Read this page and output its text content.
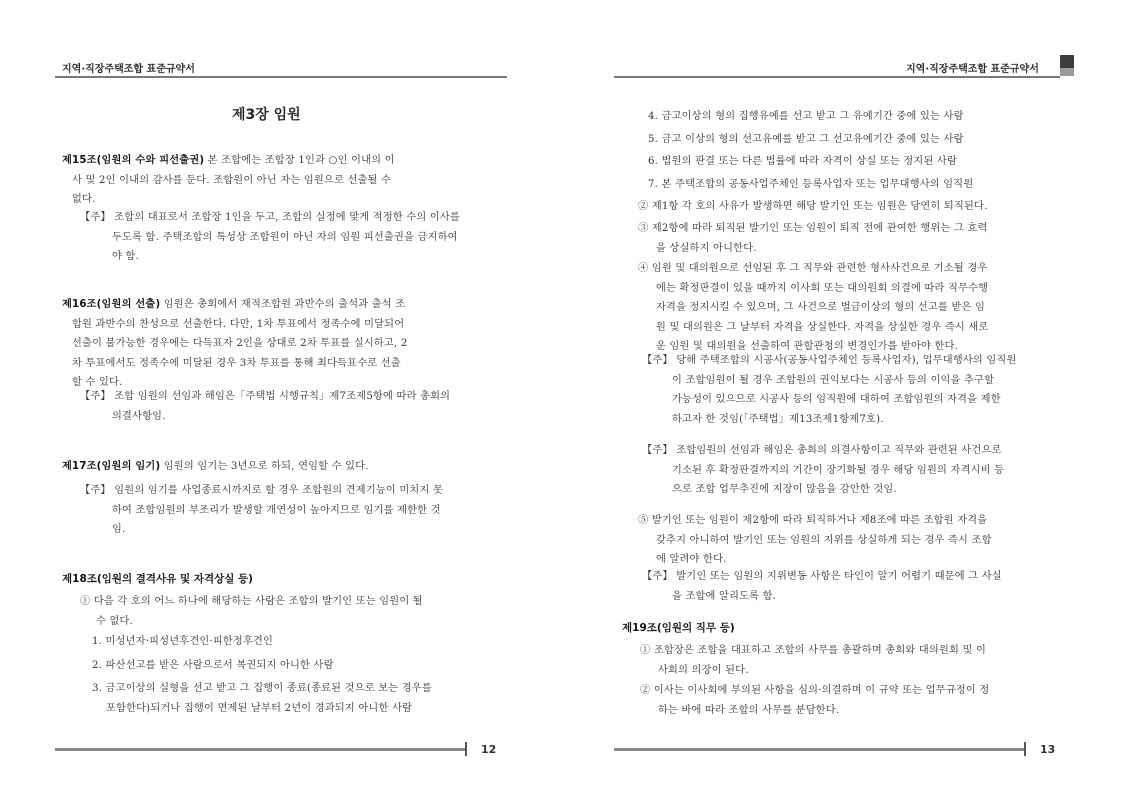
지역·직장주택조합 표준규약서
제3장 임원
제15조(임원의 수와 피선출권) 본 조합에는 조합장 1인과 ○인 이내의 이
사 및 2인 이내의 감사를 둔다. 조합원이 아닌 자는 임원으로 선출될 수
없다.
【주】 조합의 대표로서 조합장 1인을 두고, 조합의 실정에 맞게 적정한 수의 이사를
두도록 함. 주택조합의 특성상 조합원이 아닌 자의 임원 피선출권을 금지하여
야 함.
제16조(임원의 선출) 임원은 총회에서 재적조합원 과반수의 출석과 출석 조
합원 과반수의 찬성으로 선출한다. 다만, 1차 투표에서 정족수에 미달되어
선출이 불가능한 경우에는 다득표자 2인을 상대로 2차 투표를 실시하고, 2
차 투표에서도 정족수에 미달된 경우 3차 투표를 통해 최다득표수로 선출
할 수 있다.
【주】 조합 임원의 선임과 해임은「주택법 시행규칙」제7조제5항에 따라 총회의
의결사항임.
제17조(임원의 임기) 임원의 임기는 3년으로 하되, 연임할 수 있다.
【주】 임원의 임기를 사업종료시까지로 할 경우 조합원의 견제기능이 미치지 못
하여 조합임원의 부조리가 발생할 개연성이 높아지므로 임기를 제한한 것
임.
제18조(임원의 결격사유 및 자격상실 등)
① 다음 각 호의 어느 하나에 해당하는 사람은 조합의 발기인 또는 임원이 될
수 없다.
1. 미성년자·피성년후견인·피한정후견인
2. 파산선고를 받은 사람으로서 복권되지 아니한 사람
3. 금고이상의 실형을 선고 받고 그 집행이 종료(종료된 것으로 보는 경우를
포함한다)되거나 집행이 면제된 날부터 2년이 경과되지 아니한 사람
12
지역·직장주택조합 표준규약서
4. 금고이상의 형의 집행유예를 선고 받고 그 유예기간 중에 있는 사람
5. 금고 이상의 형의 선고유예를 받고 그 선고유예기간 중에 있는 사람
6. 법원의 판결 또는 다른 법률에 따라 자격이 상실 또는 정지된 사람
7. 본 주택조합의 공동사업주체인 등록사업자 또는 업무대행사의 임직원
② 제1항 각 호의 사유가 발생하면 해당 발기인 또는 임원은 당연히 퇴직된다.
③ 제2항에 따라 퇴직된 발기인 또는 임원이 퇴직 전에 관여한 행위는 그 효력
을 상실하지 아니한다.
④ 임원 및 대의원으로 선임된 후 그 직무와 관련한 형사사건으로 기소될 경우
에는 확정판결이 있을 때까지 이사회 또는 대의원회 의결에 따라 직무수행
자격을 정지시킬 수 있으며, 그 사건으로 벌금이상의 형의 선고를 받은 임
원 및 대의원은 그 날부터 자격을 상실한다. 자격을 상실한 경우 즉시 새로
운 임원 및 대의원을 선출하여 관할관청의 변경인가를 받아야 한다.
【주】 당해 주택조합의 시공사(공동사업주체인 등록사업자), 업무대행사의 임직원
이 조합임원이 될 경우 조합원의 권익보다는 시공사 등의 이익을 추구할
가능성이 있으므로 시공사 등의 임직원에 대하여 조합임원의 자격을 제한
하고자 한 것임(「주택법」제13조제1항제7호).
【주】 조합임원의 선임과 해임은 총회의 의결사항이고 직무와 관련된 사건으로
기소된 후 확정판결까지의 기간이 장기화될 경우 해당 임원의 자격시비 등
으로 조합 업무추진에 지장이 많음을 감안한 것임.
⑤ 발기인 또는 임원이 제2항에 따라 퇴직하거나 제8조에 따른 조합원 자격을
갖추지 아니하여 발기인 또는 임원의 지위를 상실하게 되는 경우 즉시 조합
에 알려야 한다.
【주】 발기인 또는 임원의 지위변동 사항은 타인이 알기 어렵기 때문에 그 사실
을 조합에 알리도록 함.
제19조(임원의 직무 등)
① 조합장은 조합을 대표하고 조합의 사무를 총괄하며 총회와 대의원회 및 이
사회의 의장이 된다.
② 이사는 이사회에 부의된 사항을 심의·의결하며 이 규약 또는 업무규정이 정
하는 바에 따라 조합의 사무를 분담한다.
13
